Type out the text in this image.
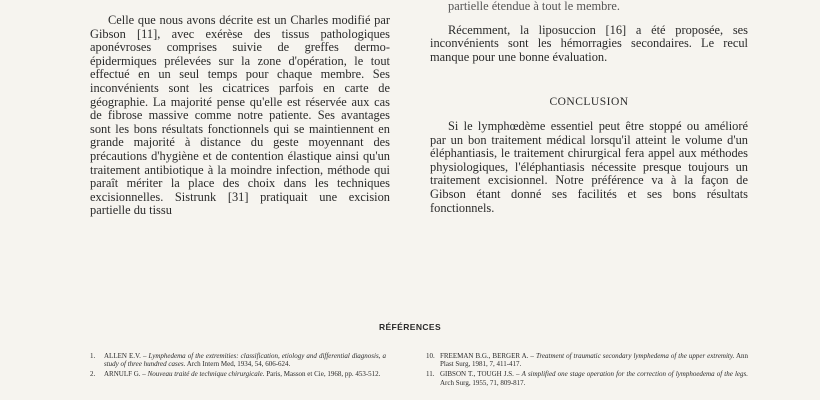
Celle que nous avons décrite est un Charles modifié par Gibson [11], avec exérèse des tissus pathologiques aponévroses comprises suivie de greffes dermo-épidermiques prélevées sur la zone d'opération, le tout effectué en un seul temps pour chaque membre. Ses inconvénients sont les cicatrices parfois en carte de géographie. La majorité pense qu'elle est réservée aux cas de fibrose massive comme notre patiente. Ses avantages sont les bons résultats fonctionnels qui se maintiennent en grande majorité à distance du geste moyennant des précautions d'hygiène et de contention élastique ainsi qu'un traitement antibiotique à la moindre infection, méthode qui paraît mériter la place des choix dans les techniques excisionnelles. Sistrunk [31] pratiquait une excision partielle du tissu

partielle étendue à tout le membre.

Récemment, la liposuccion [16] a été proposée, ses inconvénients sont les hémorragies secondaires. Le recul manque pour une bonne évaluation.

CONCLUSION

Si le lymphœdème essentiel peut être stoppé ou amélioré par un bon traitement médical lorsqu'il atteint le volume d'un éléphantiasis, le traitement chirurgical fera appel aux méthodes physiologiques, l'éléphantiasis nécessite presque toujours un traitement excisionnel. Notre préférence va à la façon de Gibson étant donné ses facilités et ses bons résultats fonctionnels.

RÉFÉRENCES
1.	ALLEN E.V. – Lymphedema of the extremities: classification, etiology and differential diagnosis, a study of three hundred cases. Arch Intern Med, 1934, 54, 606-624.
2.	ARNULF G. – Nouveau traité de technique chirurgicale. Paris, Masson et Cie, 1968, pp. 453-512.
10. FREEMAN B.G., BERGER A. – Treatment of traumatic secondary lymphedema of the upper extremity. Ann Plast Surg, 1981, 7, 411-417.
11. GIBSON T., TOUGH J.S. – A simplified one stage operation for the correction of lymphoedema of the legs. Arch Surg, 1955, 71, 809-817.
